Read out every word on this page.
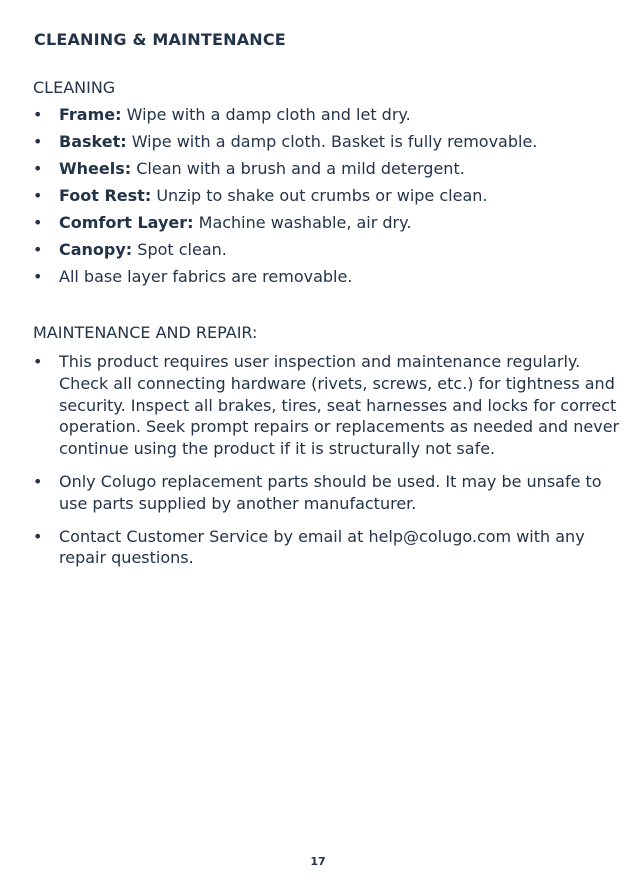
CLEANING & MAINTENANCE
CLEANING
• Frame: Wipe with a damp cloth and let dry.
• Basket: Wipe with a damp cloth. Basket is fully removable.
• Wheels: Clean with a brush and a mild detergent.
• Foot Rest: Unzip to shake out crumbs or wipe clean.
• Comfort Layer: Machine washable, air dry.
• Canopy: Spot clean.
• All base layer fabrics are removable.
MAINTENANCE AND REPAIR:
• This product requires user inspection and maintenance regularly. Check all connecting hardware (rivets, screws, etc.) for tightness and security. Inspect all brakes, tires, seat harnesses and locks for correct operation. Seek prompt repairs or replacements as needed and never continue using the product if it is structurally not safe.
• Only Colugo replacement parts should be used. It may be unsafe to use parts supplied by another manufacturer.
• Contact Customer Service by email at help@colugo.com with any repair questions.
17
